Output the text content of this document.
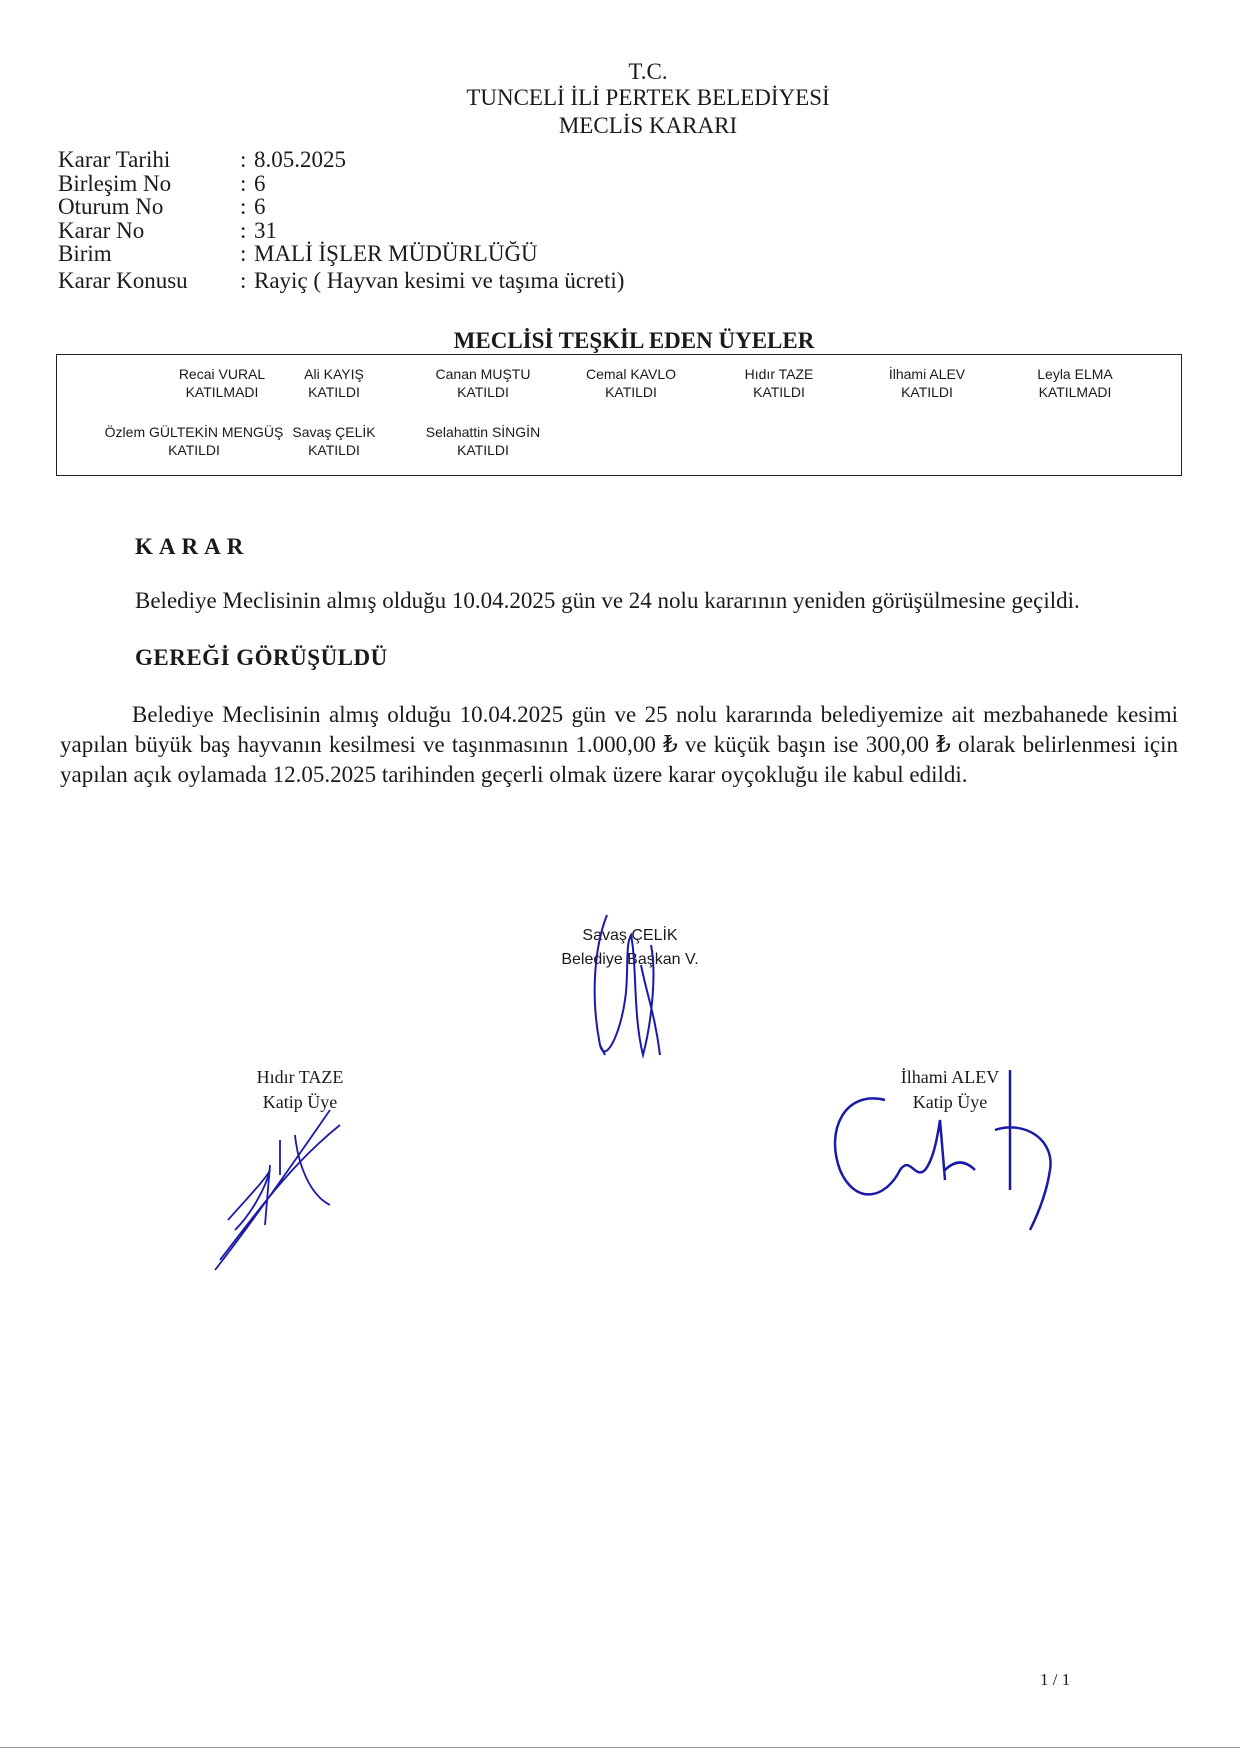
T.C.
TUNCELİ İLİ PERTEK BELEDİYESİ
MECLİS KARARI
Karar Tarihi	: 8.05.2025
Birleşim No	: 6
Oturum No	: 6
Karar No	: 31
Birim	: MALİ İŞLER MÜDÜRLÜĞÜ
Karar Konusu	: Rayiç ( Hayvan kesimi ve taşıma ücreti)
MECLİSİ TEŞKİL EDEN ÜYELER
Recai VURAL
KATILMADI
Ali KAYIŞ
KATILDI
Canan MUŞTU
KATILDI
Cemal KAVLO
KATILDI
Hıdır TAZE
KATILDI
İlhami ALEV
KATILDI
Leyla ELMA
KATILMADI
Özlem GÜLTEKİN MENGÜŞ
KATILDI
Savaş ÇELİK
KATILDI
Selahattin SİNGİN
KATILDI
KARAR
Belediye Meclisinin almış olduğu 10.04.2025 gün ve 24 nolu kararının yeniden görüşülmesine geçildi.
GEREĞİ GÖRÜŞÜLDÜ
Belediye Meclisinin almış olduğu 10.04.2025 gün ve 25 nolu kararında belediyemize ait mezbahanede kesimi yapılan büyük baş hayvanın kesilmesi ve taşınmasının 1.000,00 ₺ ve küçük başın ise 300,00 ₺ olarak belirlenmesi için yapılan açık oylamada 12.05.2025 tarihinden geçerli olmak üzere karar oyçokluğu ile kabul edildi.
Savaş ÇELİK
Belediye Başkan V.
Hıdır TAZE
Katip Üye
İlhami ALEV
Katip Üye
1 / 1
